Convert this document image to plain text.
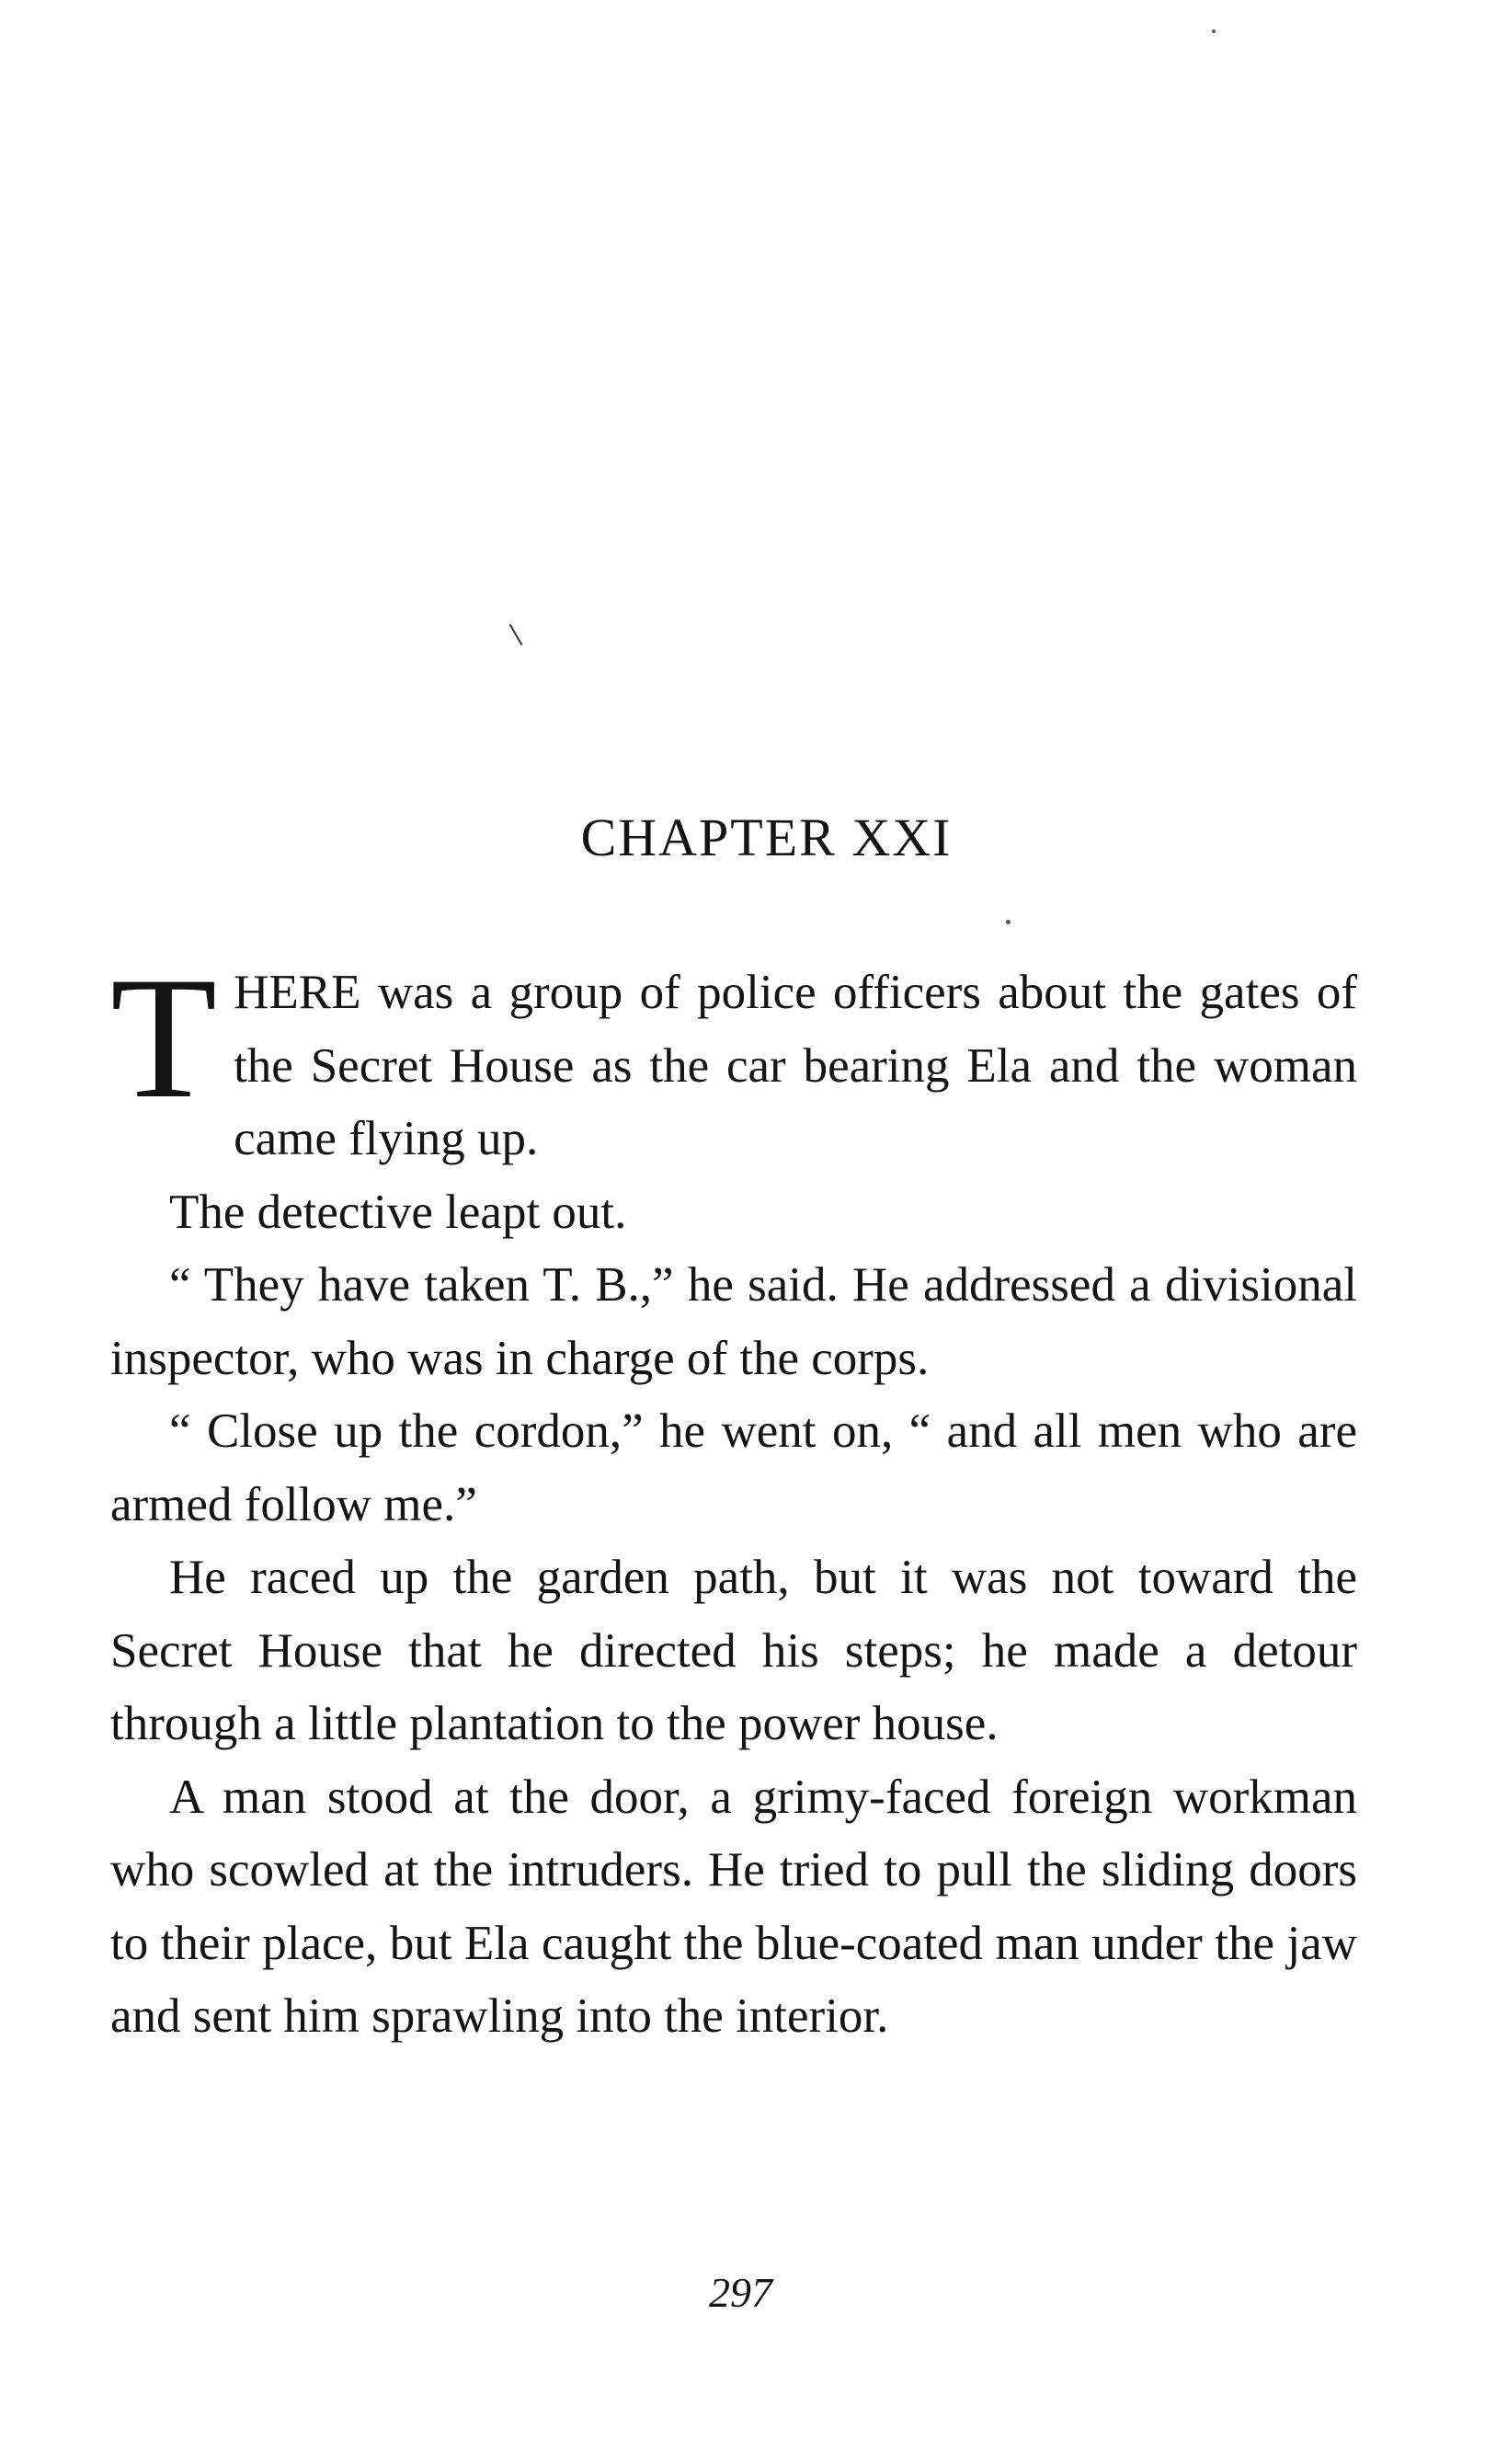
CHAPTER XXI

THERE was a group of police officers about the gates of the Secret House as the car bearing Ela and the woman came flying up.

The detective leapt out.

“ They have taken T. B.,” he said. He addressed a divisional inspector, who was in charge of the corps.

“ Close up the cordon,” he went on, “ and all men who are armed follow me.”

He raced up the garden path, but it was not toward the Secret House that he directed his steps; he made a detour through a little plantation to the power house.

A man stood at the door, a grimy-faced foreign workman who scowled at the intruders. He tried to pull the sliding doors to their place, but Ela caught the blue-coated man under the jaw and sent him sprawling into the interior.

297
